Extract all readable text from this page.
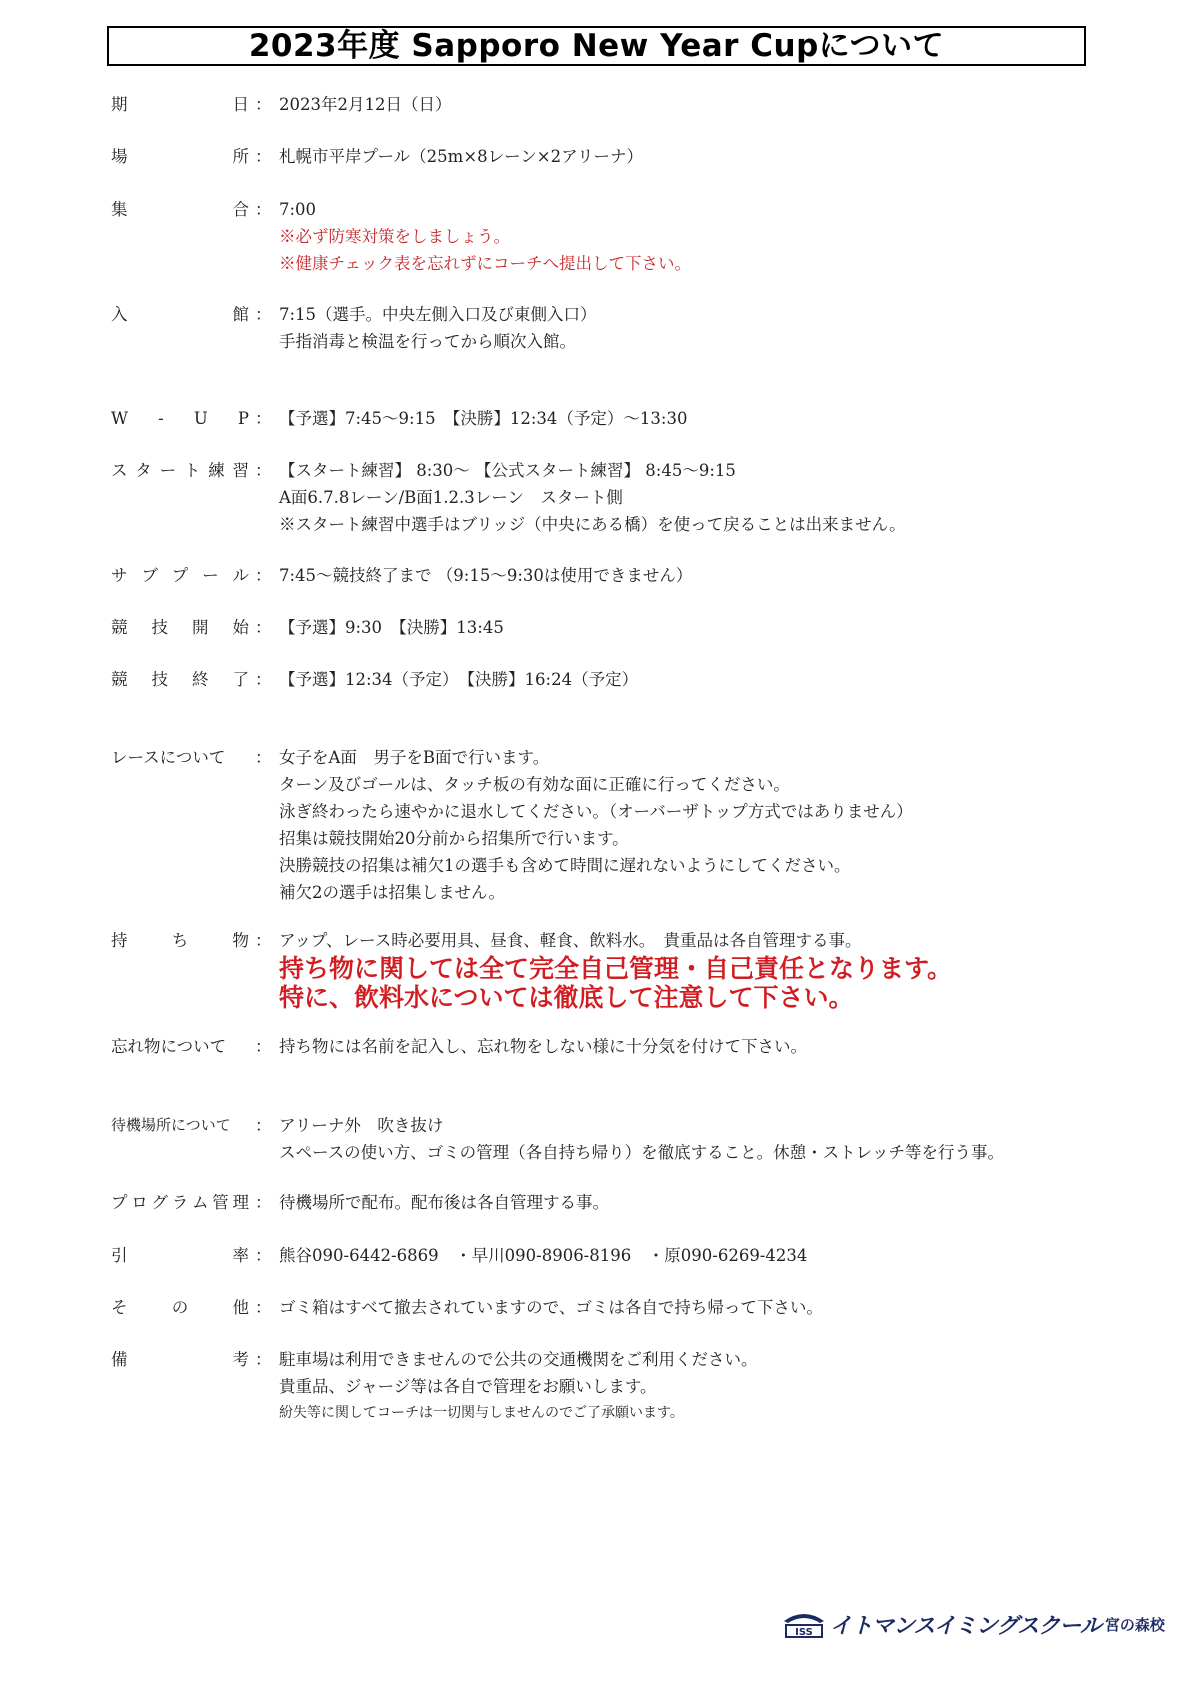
2023年度 Sapporo New Year Cupについて
期	日 ： 2023年2月12日（日）
場	所 ： 札幌市平岸プール（25m×8レーン×2アリーナ）
集	合 ： 7:00
※必ず防寒対策をしましょう。
※健康チェック表を忘れずにコーチへ提出して下さい。
入	館 ： 7:15（選手。中央左側入口及び東側入口）
手指消毒と検温を行ってから順次入館。
W - U P ： 【予選】7:45～9:15　【決勝】12:34（予定）～13:30
ス タ ー ト 練 習 ： 【スタート練習】 8:30～ 【公式スタート練習】 8:45～9:15
A面6.7.8レーン/B面1.2.3レーン　スタート側
※スタート練習中選手はブリッジ（中央にある橋）を使って戻ることは出来ません。
サ ブ プ ー ル ： 7:45～競技終了まで （9:15～9:30は使用できません）
競 技 開 始 ： 【予選】9:30　【決勝】13:45
競 技 終 了 ： 【予選】12:34（予定）　【決勝】16:24（予定）
レースについて ： 女子をA面　男子をB面で行います。
ターン及びゴールは、タッチ板の有効な面に正確に行ってください。
泳ぎ終わったら速やかに退水してください。（オーバーザトップ方式ではありません）
招集は競技開始20分前から招集所で行います。
決勝競技の招集は補欠1の選手も含めて時間に遅れないようにしてください。
補欠2の選手は招集しません。
持	ち	物 ： アップ、レース時必要用具、昼食、軽食、飲料水。　貴重品は各自管理する事。
持ち物に関しては全て完全自己管理・自己責任となります。
特に、飲料水については徹底して注意して下さい。
忘れ物について ： 持ち物には名前を記入し、忘れ物をしない様に十分気を付けて下さい。
待機場所について ： アリーナ外　吹き抜け
スペースの使い方、ゴミの管理（各自持ち帰り）を徹底すること。休憩・ストレッチ等を行う事。
プ ロ グ ラ ム 管 理 ： 待機場所で配布。配布後は各自管理する事。
引	率 ： 熊谷090-6442-6869　・早川090-8906-8196　・原090-6269-4234
そ	の	他 ： ゴミ箱はすべて撤去されていますので、ゴミは各自で持ち帰って下さい。
備	考 ： 駐車場は利用できませんので公共の交通機関をご利用ください。
貴重品、ジャージ等は各自で管理をお願いします。
紛失等に関してコーチは一切関与しませんのでご了承願います。
ISS イトマンスイミングスクール 宮の森校
